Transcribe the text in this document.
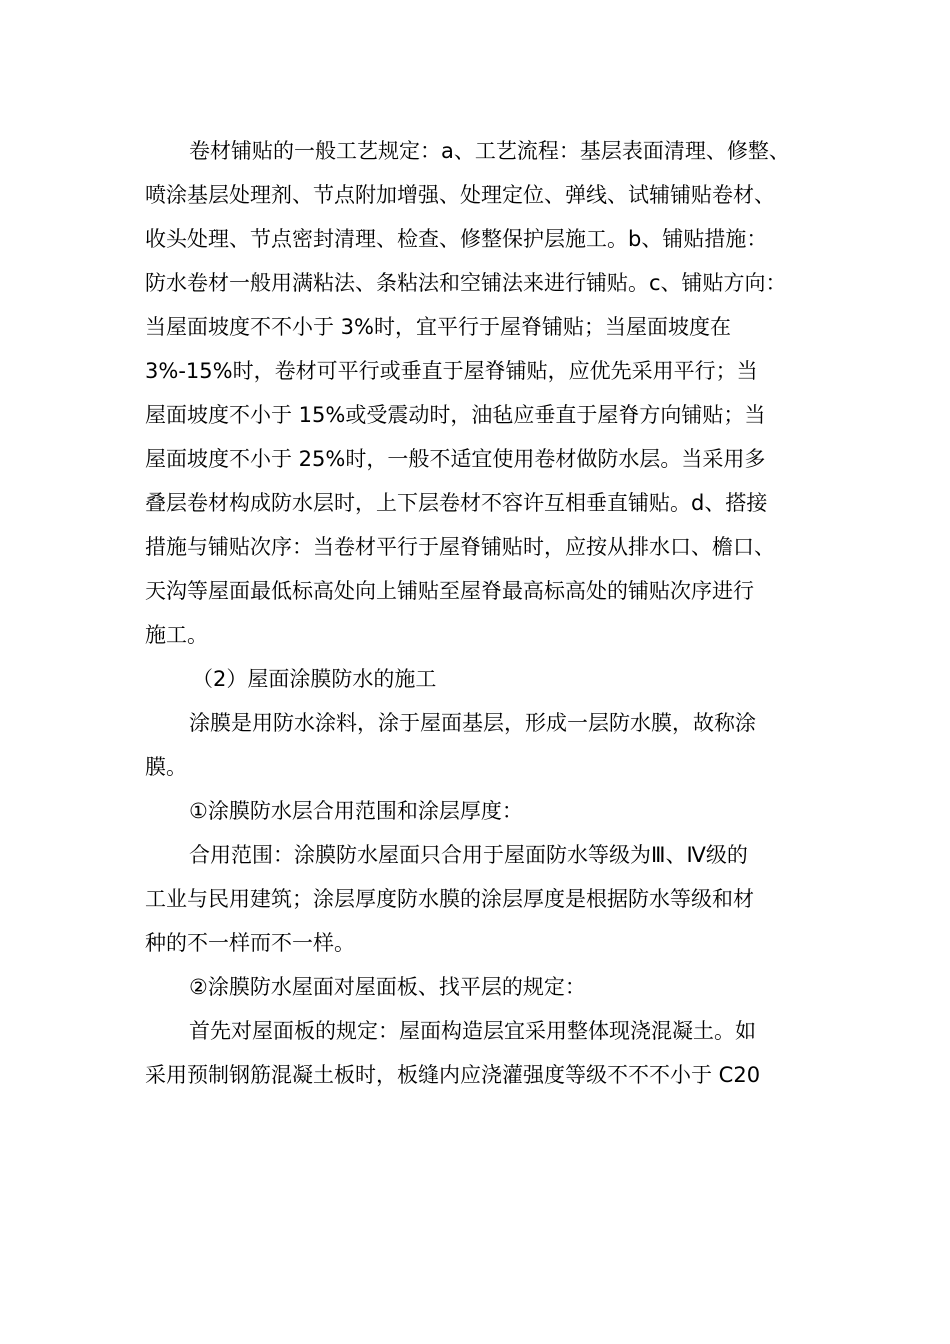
卷材铺贴的一般工艺规定：a、工艺流程：基层表面清理、修整、
喷涂基层处理剂、节点附加增强、处理定位、弹线、试辅铺贴卷材、
收头处理、节点密封清理、检查、修整保护层施工。b、铺贴措施：
防水卷材一般用满粘法、条粘法和空铺法来进行铺贴。c、铺贴方向：
当屋面坡度不不小于 3%时，宜平行于屋脊铺贴；当屋面坡度在
3%-15%时，卷材可平行或垂直于屋脊铺贴，应优先采用平行；当
屋面坡度不小于 15%或受震动时，油毡应垂直于屋脊方向铺贴；当
屋面坡度不小于 25%时，一般不适宜使用卷材做防水层。当采用多
叠层卷材构成防水层时，上下层卷材不容许互相垂直铺贴。d、搭接
措施与铺贴次序：当卷材平行于屋脊铺贴时，应按从排水口、檐口、
天沟等屋面最低标高处向上铺贴至屋脊最高标高处的铺贴次序进行
施工。
（2）屋面涂膜防水的施工
涂膜是用防水涂料，涂于屋面基层，形成一层防水膜，故称涂
膜。
①涂膜防水层合用范围和涂层厚度：
合用范围：涂膜防水屋面只合用于屋面防水等级为Ⅲ、Ⅳ级的
工业与民用建筑；涂层厚度防水膜的涂层厚度是根据防水等级和材
种的不一样而不一样。
②涂膜防水屋面对屋面板、找平层的规定：
首先对屋面板的规定：屋面构造层宜采用整体现浇混凝土。如
采用预制钢筋混凝土板时，板缝内应浇灌强度等级不不不小于 C20
